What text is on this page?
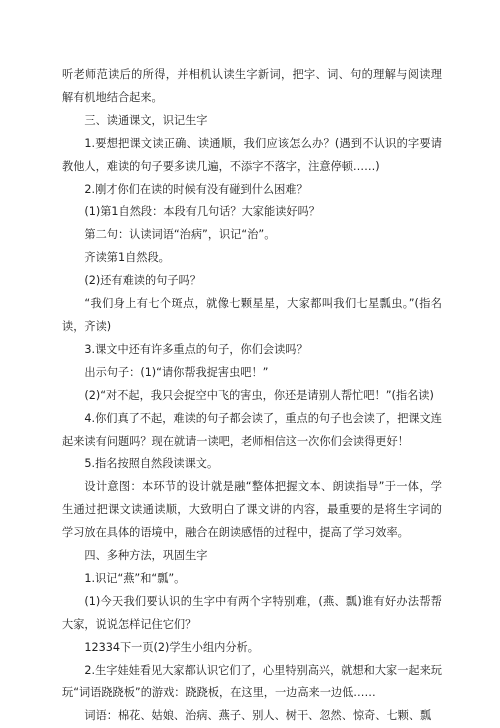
听老师范读后的所得，并相机认读生字新词，把字、词、句的理解与阅读理解有机地结合起来。

三、读通课文，识记生字

1.要想把课文读正确、读通顺，我们应该怎么办？(遇到不认识的字要请教他人，难读的句子要多读几遍，不添字不落字，注意停顿……)

2.刚才你们在读的时候有没有碰到什么困难？

(1)第1自然段：本段有几句话？大家能读好吗？

第二句：认读词语“治病”，识记“治”。

齐读第1自然段。

(2)还有难读的句子吗？

“我们身上有七个斑点，就像七颗星星，大家都叫我们七星瓢虫。”(指名读，齐读)

3.课文中还有许多重点的句子，你们会读吗？

出示句子：(1)“请你帮我捉害虫吧！”

(2)“对不起，我只会捉空中飞的害虫，你还是请别人帮忙吧！”(指名读)

4.你们真了不起，难读的句子都会读了，重点的句子也会读了，把课文连起来读有问题吗？现在就请一读吧，老师相信这一次你们会读得更好！

5.指名按照自然段读课文。

设计意图：本环节的设计就是融“整体把握文本、朗读指导”于一体，学生通过把课文读通读顺，大致明白了课文讲的内容，最重要的是将生字词的学习放在具体的语境中，融合在朗读感悟的过程中，提高了学习效率。

四、多种方法，巩固生字

1.识记“燕”和“瓢”。

(1)今天我们要认识的生字中有两个字特别难，(燕、瓢)谁有好办法帮帮大家，说说怎样记住它们？

12334下一页(2)学生小组内分析。

2.生字娃娃看见大家都认识它们了，心里特别高兴，就想和大家一起来玩玩“词语跷跷板”的游戏：跷跷板，在这里，一边高来一边低……

词语：棉花、姑娘、治病、燕子、别人、树干、忽然、惊奇、七颗、瓢
